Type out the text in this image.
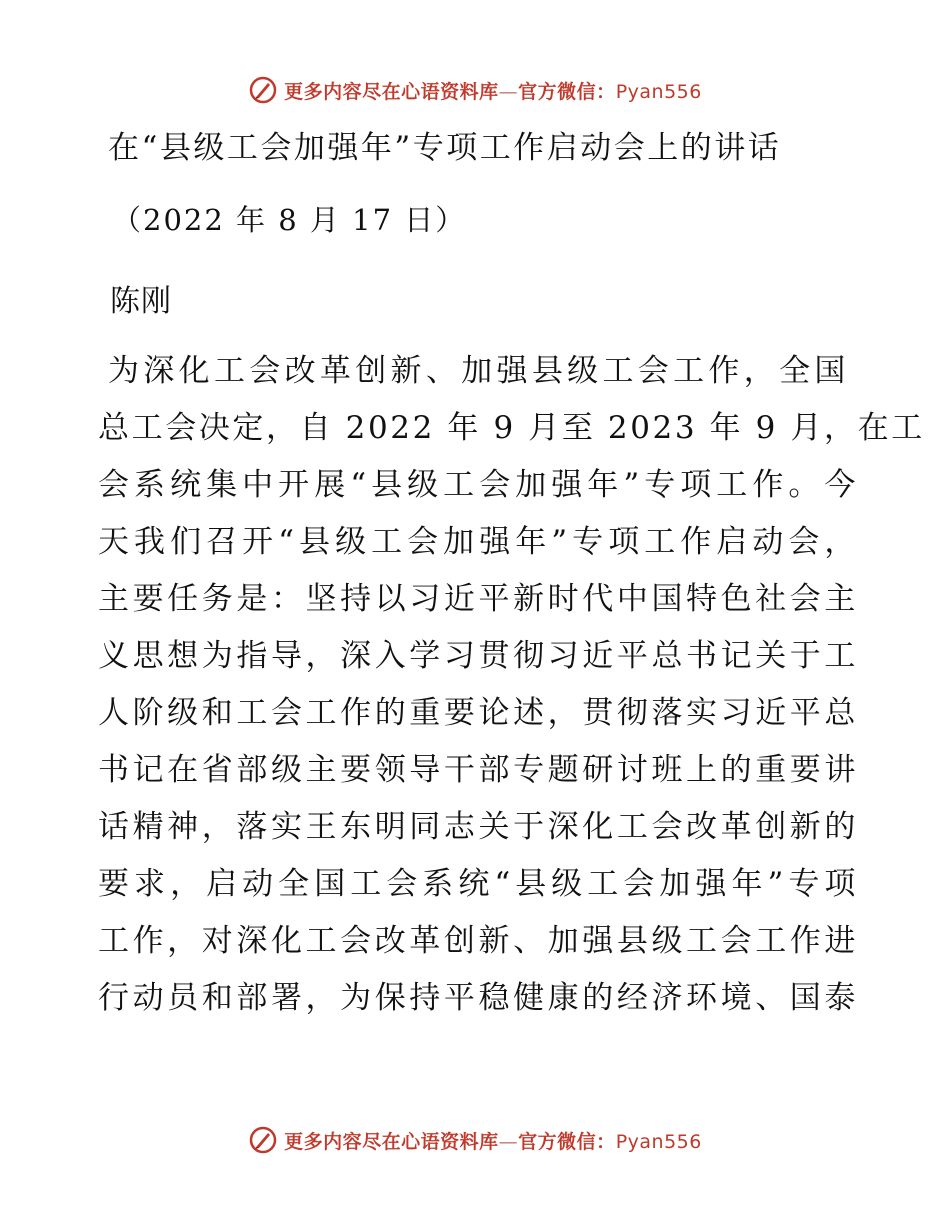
更多内容尽在心语资料库—官方微信：Pyan556
在“县级工会加强年”专项工作启动会上的讲话
（2022 年 8 月 17 日）
陈刚
为深化工会改革创新、加强县级工会工作，全国
总工会决定，自 2022 年 9 月至 2023 年 9 月，在工
会系统集中开展“县级工会加强年”专项工作。今
天我们召开“县级工会加强年”专项工作启动会，
主要任务是：坚持以习近平新时代中国特色社会主
义思想为指导，深入学习贯彻习近平总书记关于工
人阶级和工会工作的重要论述，贯彻落实习近平总
书记在省部级主要领导干部专题研讨班上的重要讲
话精神，落实王东明同志关于深化工会改革创新的
要求，启动全国工会系统“县级工会加强年”专项
工作，对深化工会改革创新、加强县级工会工作进
行动员和部署，为保持平稳健康的经济环境、国泰
更多内容尽在心语资料库—官方微信：Pyan556
